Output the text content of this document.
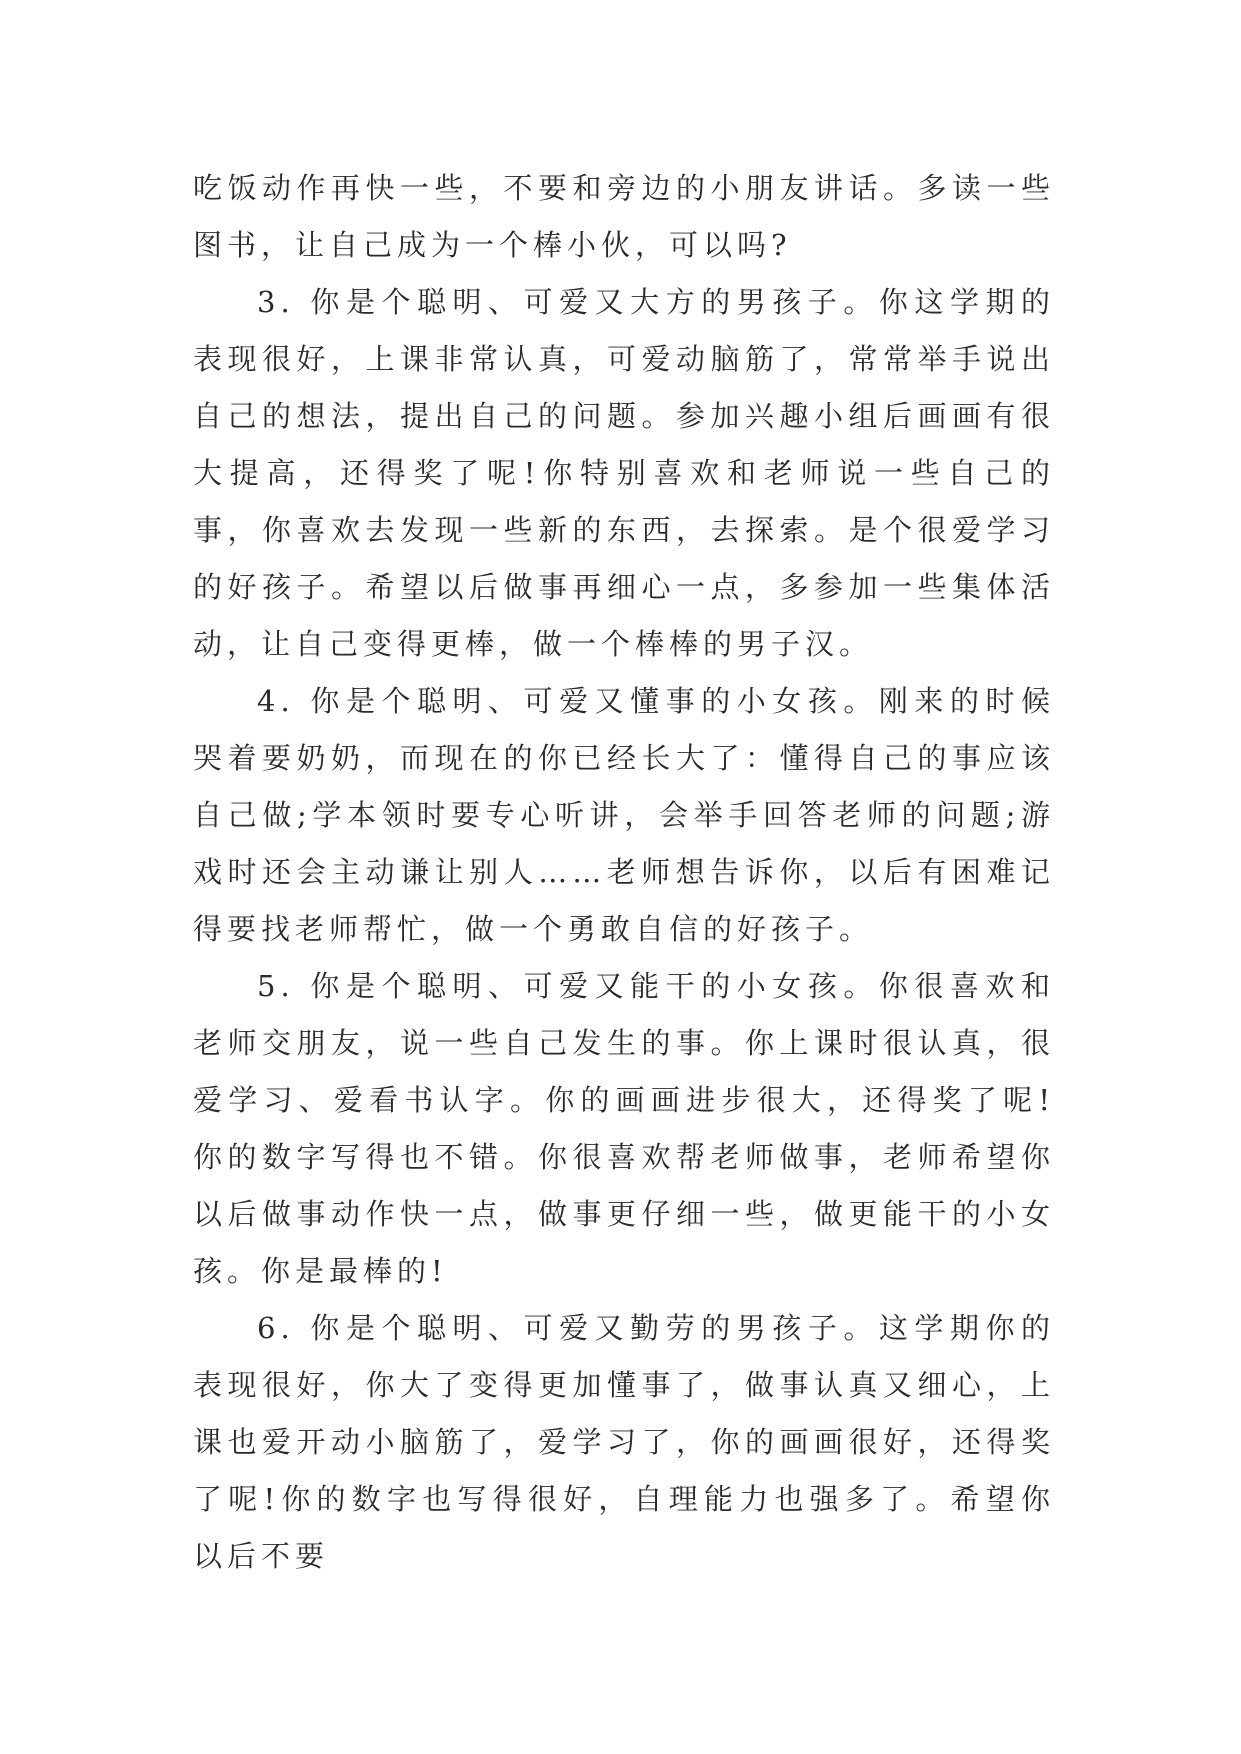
吃饭动作再快一些，不要和旁边的小朋友讲话。多读一些图书，让自己成为一个棒小伙，可以吗?

3. 你是个聪明、可爱又大方的男孩子。你这学期的表现很好，上课非常认真，可爱动脑筋了，常常举手说出自己的想法，提出自己的问题。参加兴趣小组后画画有很大提高，还得奖了呢!你特别喜欢和老师说一些自己的事，你喜欢去发现一些新的东西，去探索。是个很爱学习的好孩子。希望以后做事再细心一点，多参加一些集体活动，让自己变得更棒，做一个棒棒的男子汉。

4. 你是个聪明、可爱又懂事的小女孩。刚来的时候哭着要奶奶，而现在的你已经长大了：懂得自己的事应该自己做;学本领时要专心听讲，会举手回答老师的问题;游戏时还会主动谦让别人……老师想告诉你，以后有困难记得要找老师帮忙，做一个勇敢自信的好孩子。

5. 你是个聪明、可爱又能干的小女孩。你很喜欢和老师交朋友，说一些自己发生的事。你上课时很认真，很爱学习、爱看书认字。你的画画进步很大，还得奖了呢!你的数字写得也不错。你很喜欢帮老师做事，老师希望你以后做事动作快一点，做事更仔细一些，做更能干的小女孩。你是最棒的!

6. 你是个聪明、可爱又勤劳的男孩子。这学期你的表现很好，你大了变得更加懂事了，做事认真又细心，上课也爱开动小脑筋了，爱学习了，你的画画很好，还得奖了呢!你的数字也写得很好，自理能力也强多了。希望你以后不要
